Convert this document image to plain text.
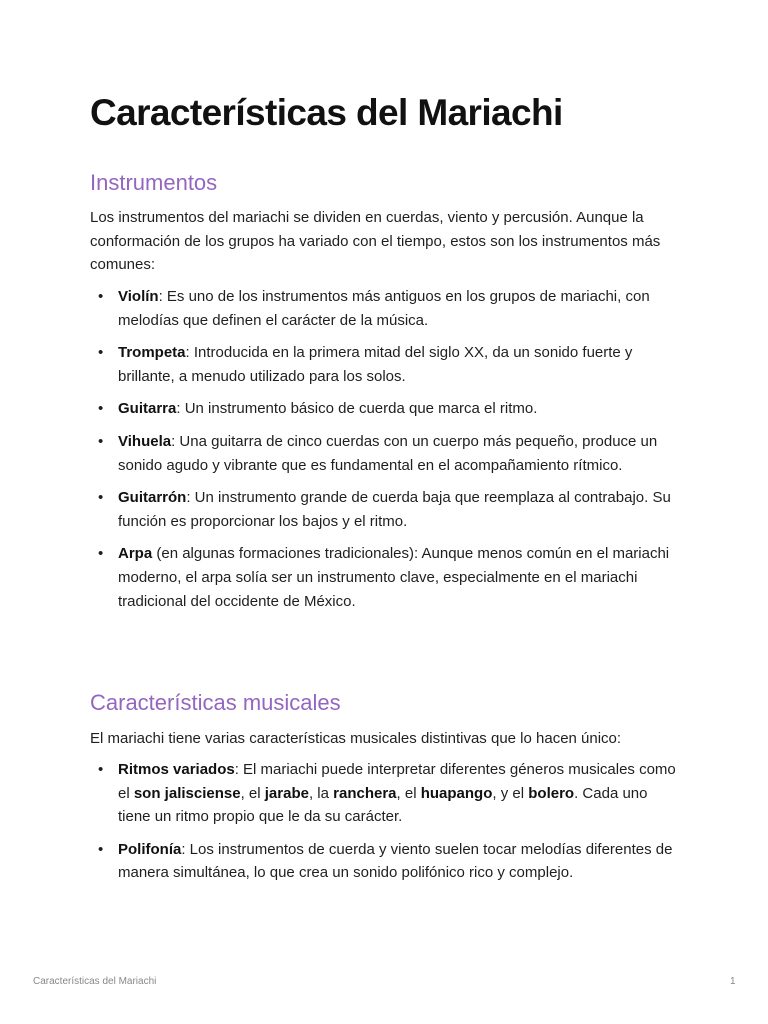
Características del Mariachi
Instrumentos

Los instrumentos del mariachi se dividen en cuerdas, viento y percusión. Aunque la conformación de los grupos ha variado con el tiempo, estos son los instrumentos más comunes:

• Violín: Es uno de los instrumentos más antiguos en los grupos de mariachi, con melodías que definen el carácter de la música.
• Trompeta: Introducida en la primera mitad del siglo XX, da un sonido fuerte y brillante, a menudo utilizado para los solos.
• Guitarra: Un instrumento básico de cuerda que marca el ritmo.
• Vihuela: Una guitarra de cinco cuerdas con un cuerpo más pequeño, produce un sonido agudo y vibrante que es fundamental en el acompañamiento rítmico.
• Guitarrón: Un instrumento grande de cuerda baja que reemplaza al contrabajo. Su función es proporcionar los bajos y el ritmo.
• Arpa (en algunas formaciones tradicionales): Aunque menos común en el mariachi moderno, el arpa solía ser un instrumento clave, especialmente en el mariachi tradicional del occidente de México.
Características musicales

El mariachi tiene varias características musicales distintivas que lo hacen único:

• Ritmos variados: El mariachi puede interpretar diferentes géneros musicales como el son jalisciense, el jarabe, la ranchera, el huapango, y el bolero. Cada uno tiene un ritmo propio que le da su carácter.
• Polifonía: Los instrumentos de cuerda y viento suelen tocar melodías diferentes de manera simultánea, lo que crea un sonido polifónico rico y complejo.
Características del Mariachi	1
